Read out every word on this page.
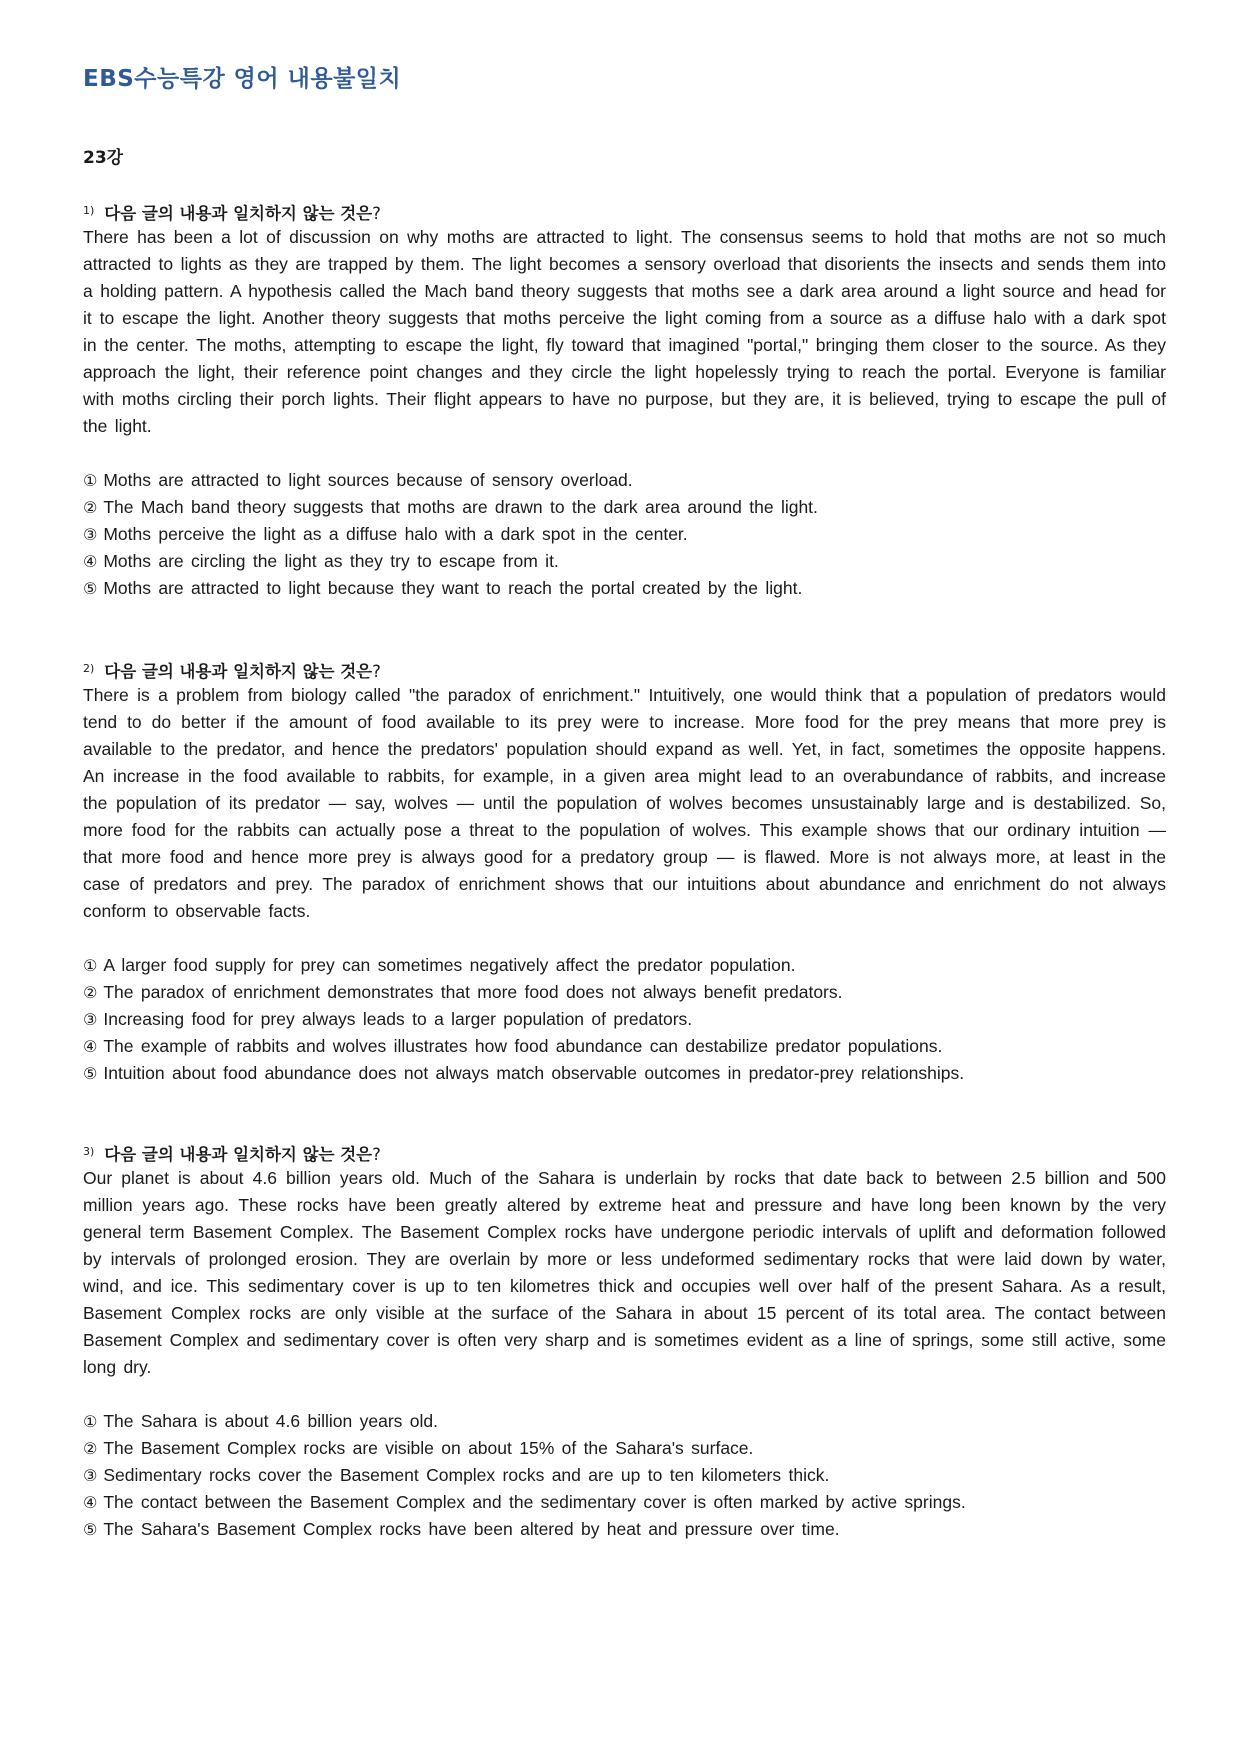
EBS수능특강 영어 내용불일치
23강
$^{1)}$ 다음 글의 내용과 일치하지 않는 것은?

There has been a lot of discussion on why moths are attracted to light. The consensus seems to hold that moths are not so much attracted to lights as they are trapped by them. The light becomes a sensory overload that disorients the insects and sends them into a holding pattern. A hypothesis called the Mach band theory suggests that moths see a dark area around a light source and head for it to escape the light. Another theory suggests that moths perceive the light coming from a source as a diffuse halo with a dark spot in the center. The moths, attempting to escape the light, fly toward that imagined "portal," bringing them closer to the source. As they approach the light, their reference point changes and they circle the light hopelessly trying to reach the portal. Everyone is familiar with moths circling their porch lights. Their flight appears to have no purpose, but they are, it is believed, trying to escape the pull of the light.

① Moths are attracted to light sources because of sensory overload.
② The Mach band theory suggests that moths are drawn to the dark area around the light.
③ Moths perceive the light as a diffuse halo with a dark spot in the center.
④ Moths are circling the light as they try to escape from it.
⑤ Moths are attracted to light because they want to reach the portal created by the light.
$^{2)}$ 다음 글의 내용과 일치하지 않는 것은?

There is a problem from biology called "the paradox of enrichment." Intuitively, one would think that a population of predators would tend to do better if the amount of food available to its prey were to increase. More food for the prey means that more prey is available to the predator, and hence the predators' population should expand as well. Yet, in fact, sometimes the opposite happens. An increase in the food available to rabbits, for example, in a given area might lead to an overabundance of rabbits, and increase the population of its predator — say, wolves — until the population of wolves becomes unsustainably large and is destabilized. So, more food for the rabbits can actually pose a threat to the population of wolves. This example shows that our ordinary intuition — that more food and hence more prey is always good for a predatory group — is flawed. More is not always more, at least in the case of predators and prey. The paradox of enrichment shows that our intuitions about abundance and enrichment do not always conform to observable facts.

① A larger food supply for prey can sometimes negatively affect the predator population.
② The paradox of enrichment demonstrates that more food does not always benefit predators.
③ Increasing food for prey always leads to a larger population of predators.
④ The example of rabbits and wolves illustrates how food abundance can destabilize predator populations.
⑤ Intuition about food abundance does not always match observable outcomes in predator-prey relationships.
$^{3)}$ 다음 글의 내용과 일치하지 않는 것은?

Our planet is about 4.6 billion years old. Much of the Sahara is underlain by rocks that date back to between 2.5 billion and 500 million years ago. These rocks have been greatly altered by extreme heat and pressure and have long been known by the very general term Basement Complex. The Basement Complex rocks have undergone periodic intervals of uplift and deformation followed by intervals of prolonged erosion. They are overlain by more or less undeformed sedimentary rocks that were laid down by water, wind, and ice. This sedimentary cover is up to ten kilometres thick and occupies well over half of the present Sahara. As a result, Basement Complex rocks are only visible at the surface of the Sahara in about 15 percent of its total area. The contact between Basement Complex and sedimentary cover is often very sharp and is sometimes evident as a line of springs, some still active, some long dry.

① The Sahara is about 4.6 billion years old.
② The Basement Complex rocks are visible on about 15% of the Sahara's surface.
③ Sedimentary rocks cover the Basement Complex rocks and are up to ten kilometers thick.
④ The contact between the Basement Complex and the sedimentary cover is often marked by active springs.
⑤ The Sahara's Basement Complex rocks have been altered by heat and pressure over time.
